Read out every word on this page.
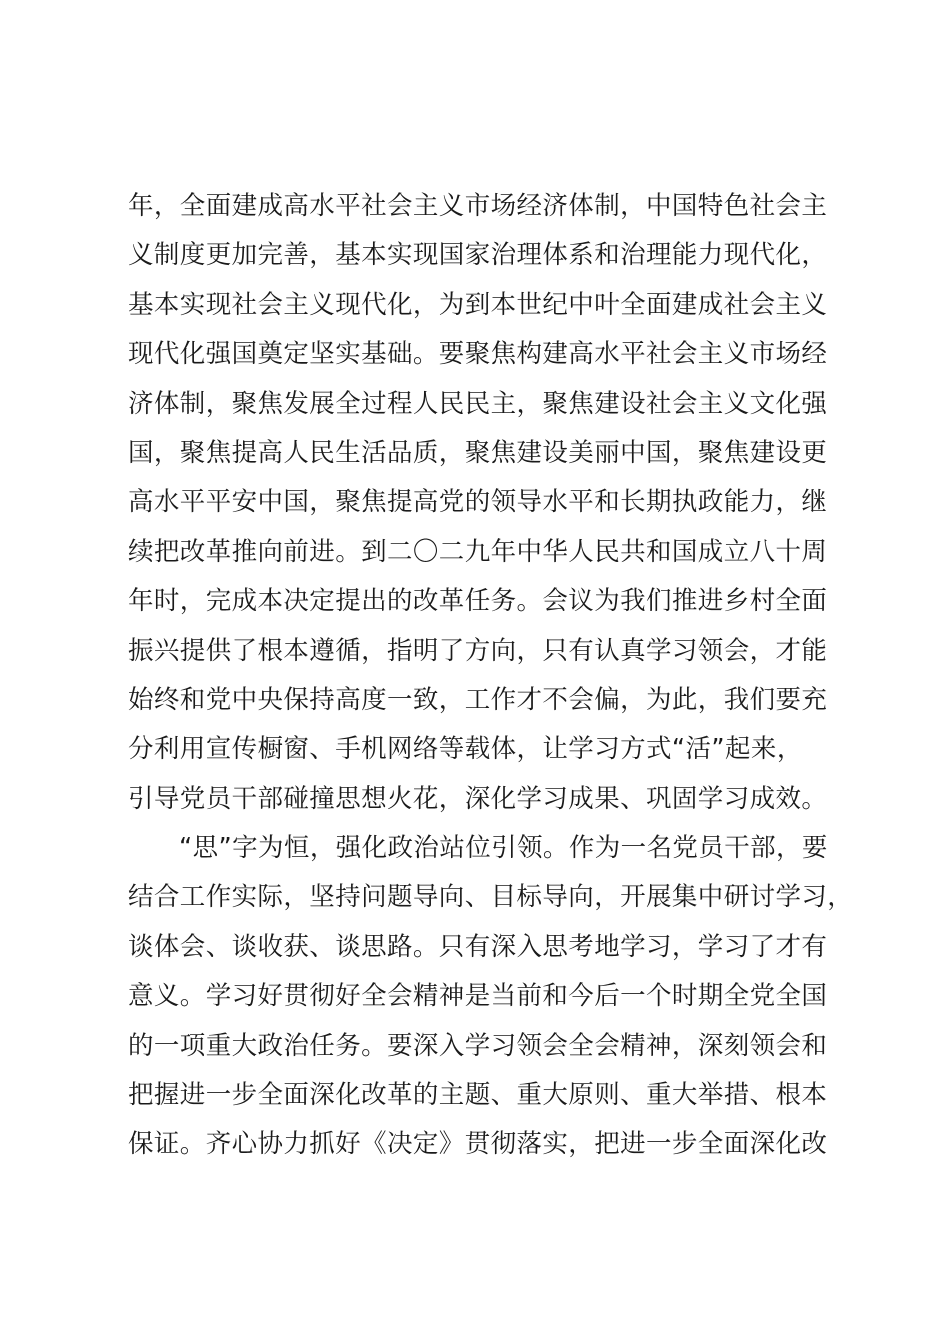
年，全面建成高水平社会主义市场经济体制，中国特色社会主
义制度更加完善，基本实现国家治理体系和治理能力现代化，
基本实现社会主义现代化，为到本世纪中叶全面建成社会主义
现代化强国奠定坚实基础。要聚焦构建高水平社会主义市场经
济体制，聚焦发展全过程人民民主，聚焦建设社会主义文化强
国，聚焦提高人民生活品质，聚焦建设美丽中国，聚焦建设更
高水平平安中国，聚焦提高党的领导水平和长期执政能力，继
续把改革推向前进。到二〇二九年中华人民共和国成立八十周
年时，完成本决定提出的改革任务。会议为我们推进乡村全面
振兴提供了根本遵循，指明了方向，只有认真学习领会，才能
始终和党中央保持高度一致，工作才不会偏，为此，我们要充
分利用宣传橱窗、手机网络等载体，让学习方式“活”起来，
引导党员干部碰撞思想火花，深化学习成果、巩固学习成效。
“思”字为恒，强化政治站位引领。作为一名党员干部，要
结合工作实际，坚持问题导向、目标导向，开展集中研讨学习，
谈体会、谈收获、谈思路。只有深入思考地学习，学习了才有
意义。学习好贯彻好全会精神是当前和今后一个时期全党全国
的一项重大政治任务。要深入学习领会全会精神，深刻领会和
把握进一步全面深化改革的主题、重大原则、重大举措、根本
保证。齐心协力抓好《决定》贯彻落实，把进一步全面深化改
